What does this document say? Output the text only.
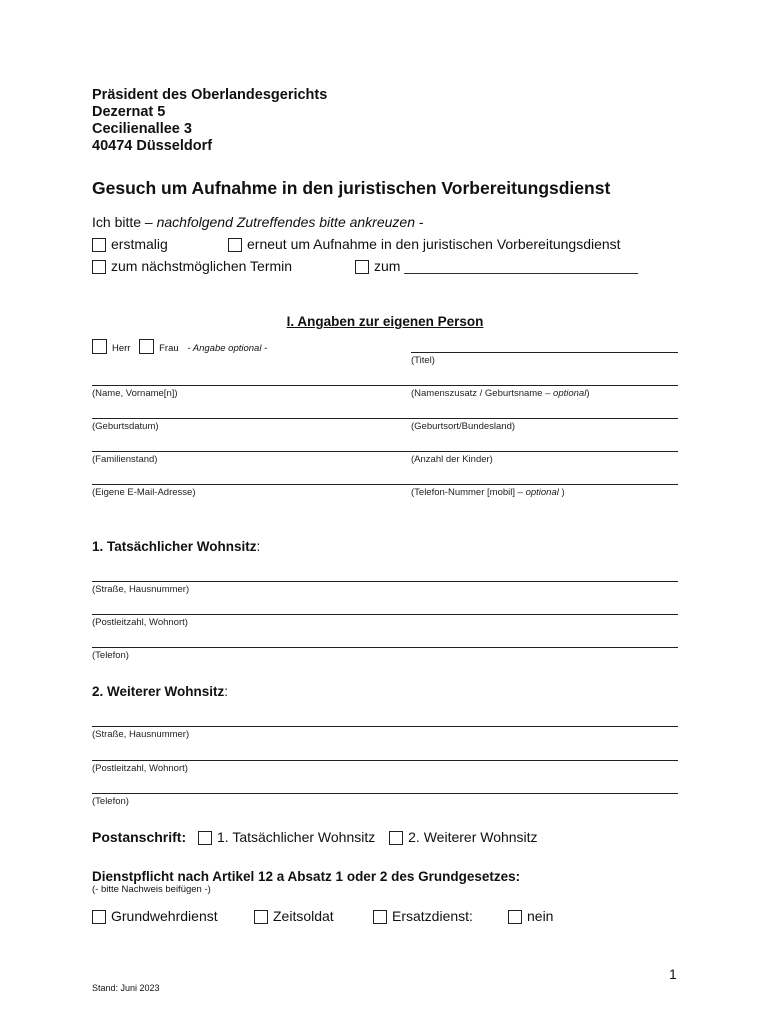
Präsident des Oberlandesgerichts
Dezernat 5
Cecilienallee 3
40474 Düsseldorf
Gesuch um Aufnahme in den juristischen Vorbereitungsdienst
Ich bitte – nachfolgend Zutreffendes bitte ankreuzen -
erstmalig	erneut um Aufnahme in den juristischen Vorbereitungsdienst
zum nächstmöglichen Termin	zum ______________________________
I. Angaben zur eigenen Person
Herr	Frau - Angabe optional -
(Titel)
(Name, Vorname[n])	(Namenszusatz / Geburtsname – optional)
(Geburtsdatum)	(Geburtsort/Bundesland)
(Familienstand)	(Anzahl der Kinder)
(Eigene E-Mail-Adresse)	(Telefon-Nummer [mobil] – optional )
1. Tatsächlicher Wohnsitz:
(Straße, Hausnummer)
(Postleitzahl, Wohnort)
(Telefon)
2. Weiterer Wohnsitz:
(Straße, Hausnummer)
(Postleitzahl, Wohnort)
(Telefon)
Postanschrift: 1. Tatsächlicher Wohnsitz 2. Weiterer Wohnsitz
Dienstpflicht nach Artikel 12 a Absatz 1 oder 2 des Grundgesetzes:
(- bitte Nachweis beifügen -)
Grundwehrdienst	Zeitsoldat	Ersatzdienst:	nein
1
Stand: Juni 2023
